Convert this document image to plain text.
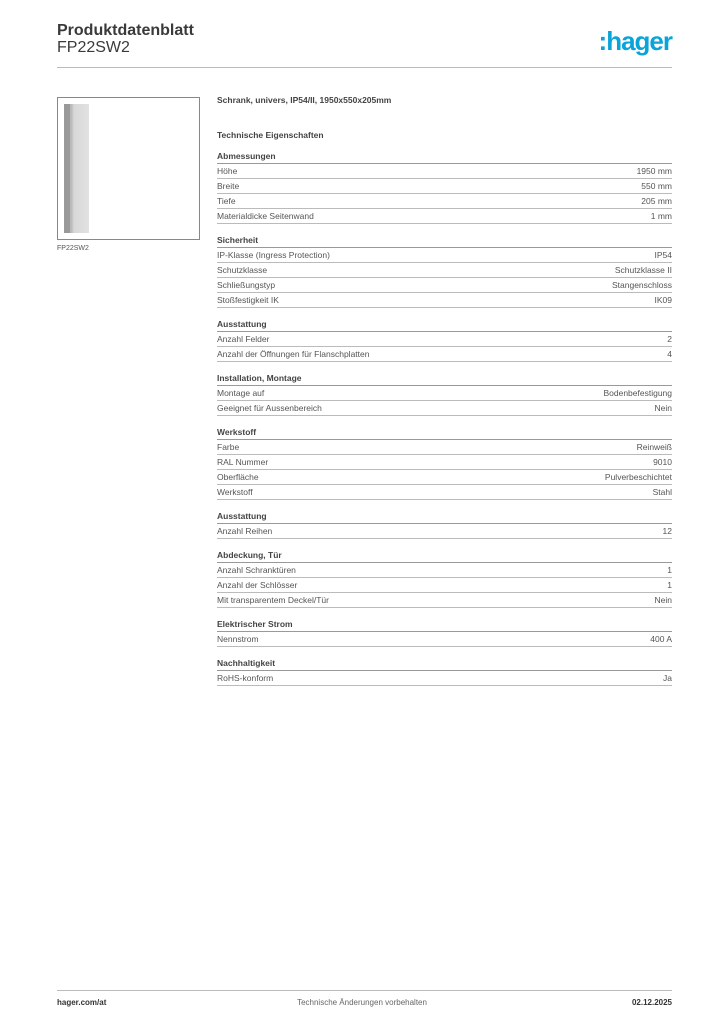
Produktdatenblatt
FP22SW2	:hager
FP22SW2
Schrank, univers, IP54/II, 1950x550x205mm
Technische Eigenschaften
Abmessungen
Höhe	1950 mm
Breite	550 mm
Tiefe	205 mm
Materialdicke Seitenwand	1 mm
Sicherheit
IP-Klasse (Ingress Protection)	IP54
Schutzklasse	Schutzklasse II
Schließungstyp	Stangenschloss
Stoßfestigkeit IK	IK09
Ausstattung
Anzahl Felder	2
Anzahl der Öffnungen für Flanschplatten	4
Installation, Montage
Montage auf	Bodenbefestigung
Geeignet für Aussenbereich	Nein
Werkstoff
Farbe	Reinweiß
RAL Nummer	9010
Oberfläche	Pulverbeschichtet
Werkstoff	Stahl
Ausstattung
Anzahl Reihen	12
Abdeckung, Tür
Anzahl Schranktüren	1
Anzahl der Schlösser	1
Mit transparentem Deckel/Tür	Nein
Elektrischer Strom
Nennstrom	400 A
Nachhaltigkeit
RoHS-konform	Ja
hager.com/at	Technische Änderungen vorbehalten	02.12.2025
